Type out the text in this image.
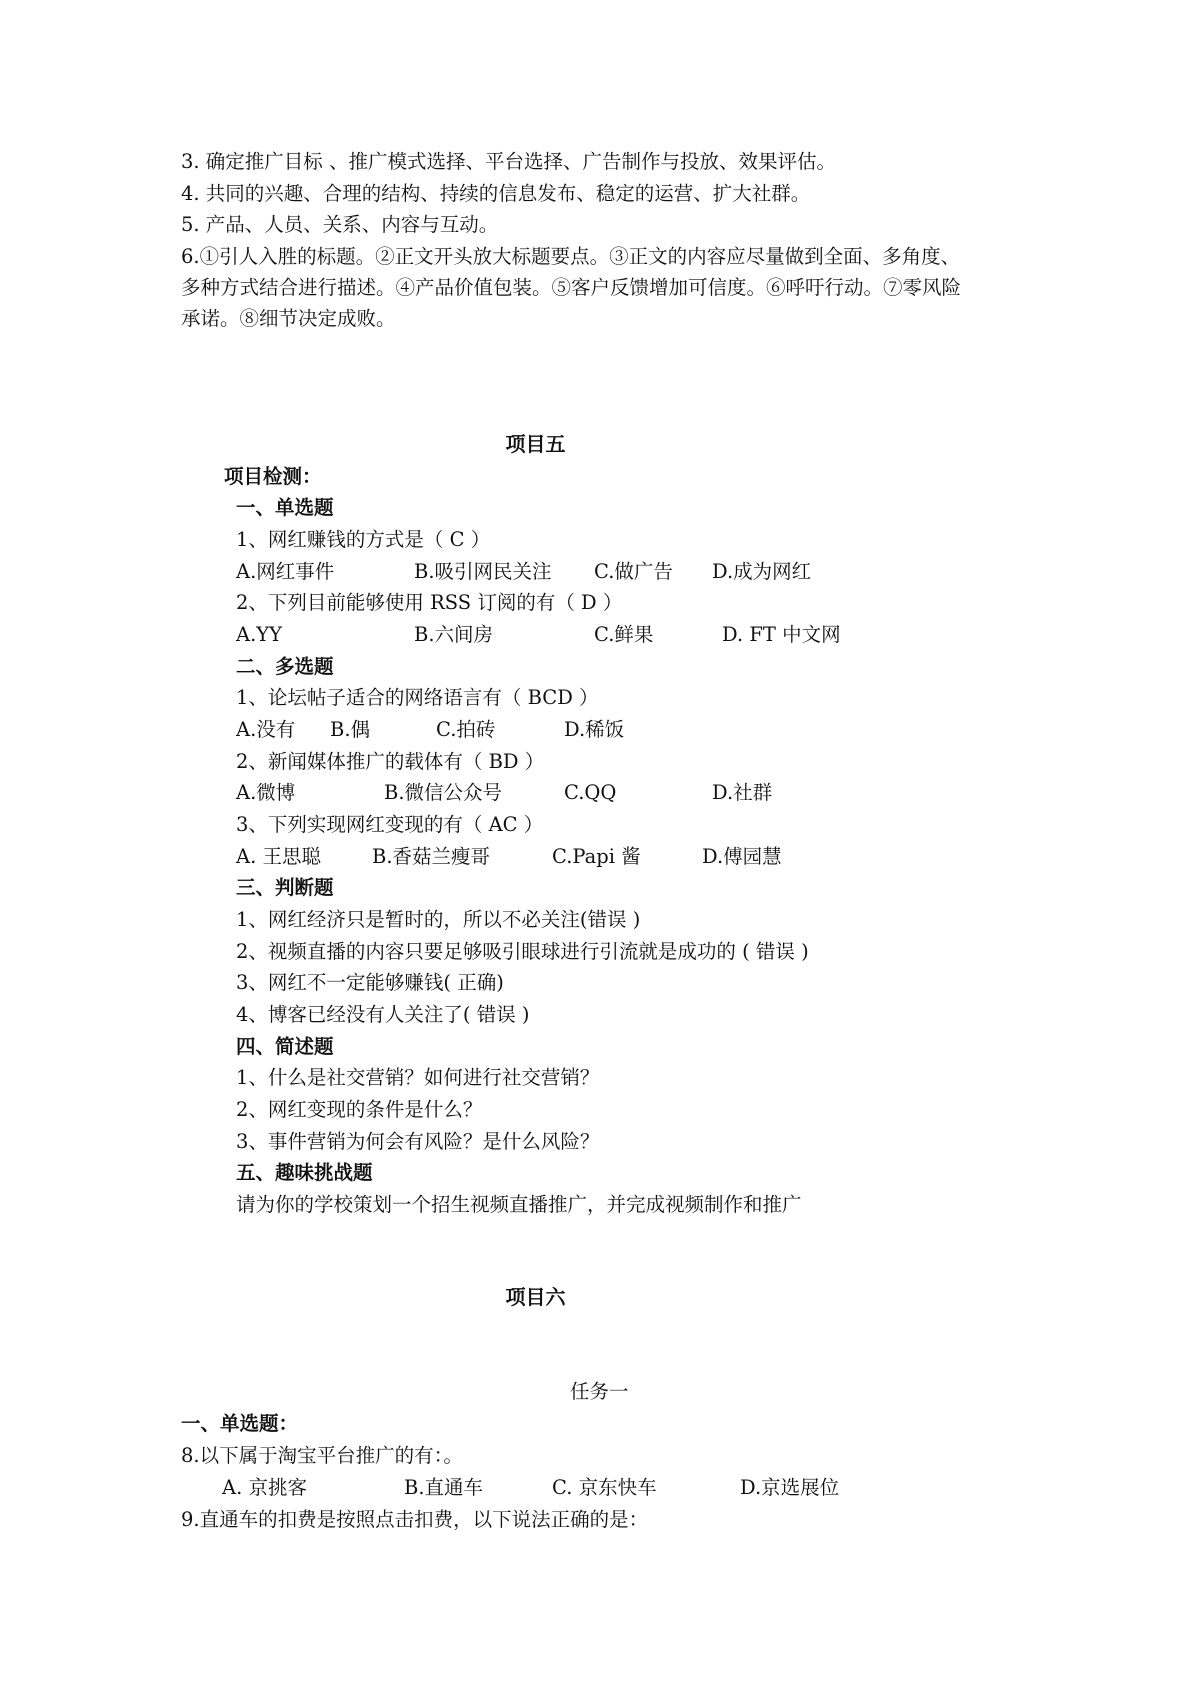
3. 确定推广目标 、推广模式选择、平台选择、广告制作与投放、效果评估。
4. 共同的兴趣、合理的结构、持续的信息发布、稳定的运营、扩大社群。
5. 产品、人员、关系、内容与互动。
6.①引人入胜的标题。②正文开头放大标题要点。③正文的内容应尽量做到全面、多角度、
多种方式结合进行描述。④产品价值包装。⑤客户反馈增加可信度。⑥呼吁行动。⑦零风险
承诺。⑧细节决定成败。
项目五
项目检测：
一、单选题
1、网红赚钱的方式是（ C ）
A.网红事件	B.吸引网民关注 C.做广告 D.成为网红
2、下列目前能够使用 RSS 订阅的有（ D ）
A.YY	B.六间房	C.鲜果	D. FT 中文网
二、多选题
1、论坛帖子适合的网络语言有（ BCD ）
A.没有 B.偶	C.拍砖	D.稀饭
2、新闻媒体推广的载体有（ BD ）
A.微博	B.微信公众号	C.QQ	D.社群
3、下列实现网红变现的有（ AC ）
A. 王思聪	B.香菇兰瘦哥	C.Papi 酱	D.傅园慧
三、判断题
1、网红经济只是暂时的，所以不必关注(错误 )
2、视频直播的内容只要足够吸引眼球进行引流就是成功的 ( 错误 )
3、网红不一定能够赚钱( 正确)
4、博客已经没有人关注了( 错误 )
四、简述题
1、什么是社交营销？如何进行社交营销？
2、网红变现的条件是什么？
3、事件营销为何会有风险？是什么风险？
五、趣味挑战题
请为你的学校策划一个招生视频直播推广，并完成视频制作和推广
项目六
任务一
一、单选题：
8.以下属于淘宝平台推广的有：。
A. 京挑客	B.直通车	C. 京东快车	D.京选展位
9.直通车的扣费是按照点击扣费，以下说法正确的是：
